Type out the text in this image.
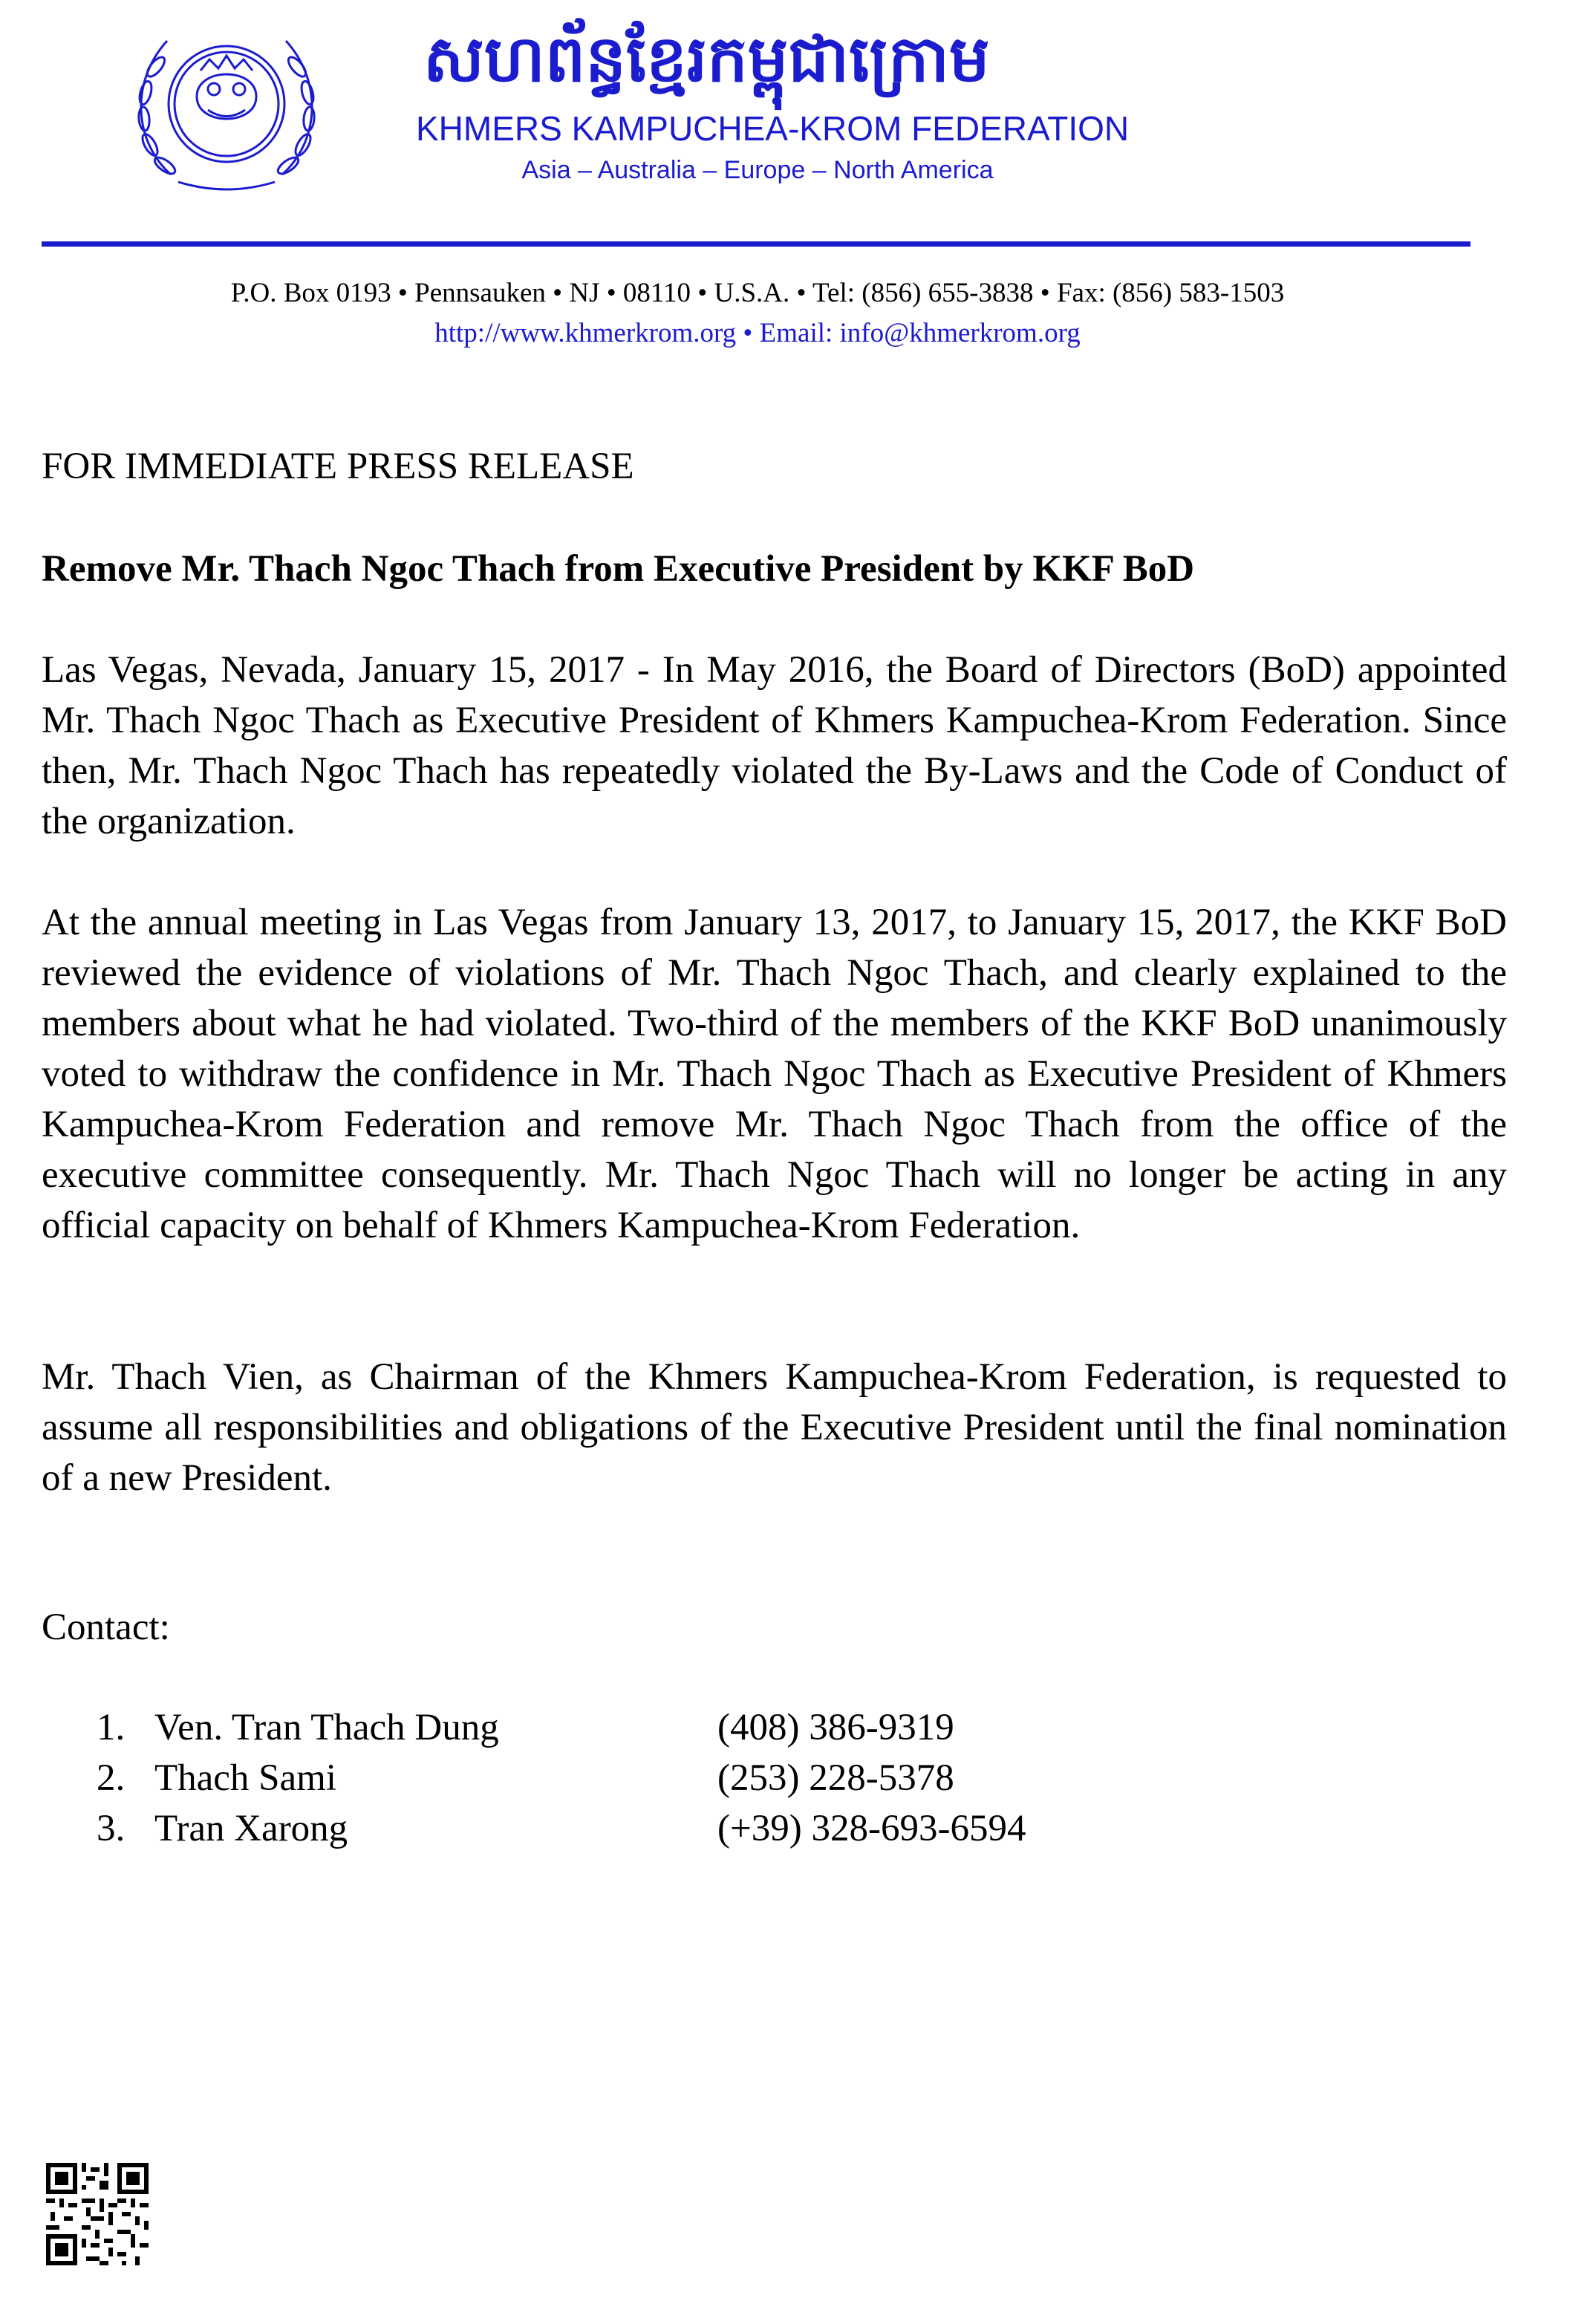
សហព័ន្ធខ្មែរកម្ពុជាក្រោម
KHMERS KAMPUCHEA-KROM FEDERATION
Asia – Australia – Europe – North America
P.O. Box 0193 • Pennsauken • NJ • 08110 • U.S.A. • Tel: (856) 655-3838 • Fax: (856) 583-1503
http://www.khmerkrom.org • Email: info@khmerkrom.org
FOR IMMEDIATE PRESS RELEASE
Remove Mr. Thach Ngoc Thach from Executive President by KKF BoD

Las Vegas, Nevada, January 15, 2017 - In May 2016, the Board of Directors (BoD) appointed Mr. Thach Ngoc Thach as Executive President of Khmers Kampuchea-Krom Federation. Since then, Mr. Thach Ngoc Thach has repeatedly violated the By-Laws and the Code of Conduct of the organization.

At the annual meeting in Las Vegas from January 13, 2017, to January 15, 2017, the KKF BoD reviewed the evidence of violations of Mr. Thach Ngoc Thach, and clearly explained to the members about what he had violated. Two-third of the members of the KKF BoD unanimously voted to withdraw the confidence in Mr. Thach Ngoc Thach as Executive President of Khmers Kampuchea-Krom Federation and remove Mr. Thach Ngoc Thach from the office of the executive committee consequently. Mr. Thach Ngoc Thach will no longer be acting in any official capacity on behalf of Khmers Kampuchea-Krom Federation.

Mr. Thach Vien, as Chairman of the Khmers Kampuchea-Krom Federation, is requested to assume all responsibilities and obligations of the Executive President until the final nomination of a new President.

Contact:
1. Ven. Tran Thach Dung	(408) 386-9319
2. Thach Sami	(253) 228-5378
3. Tran Xarong	(+39) 328-693-6594
